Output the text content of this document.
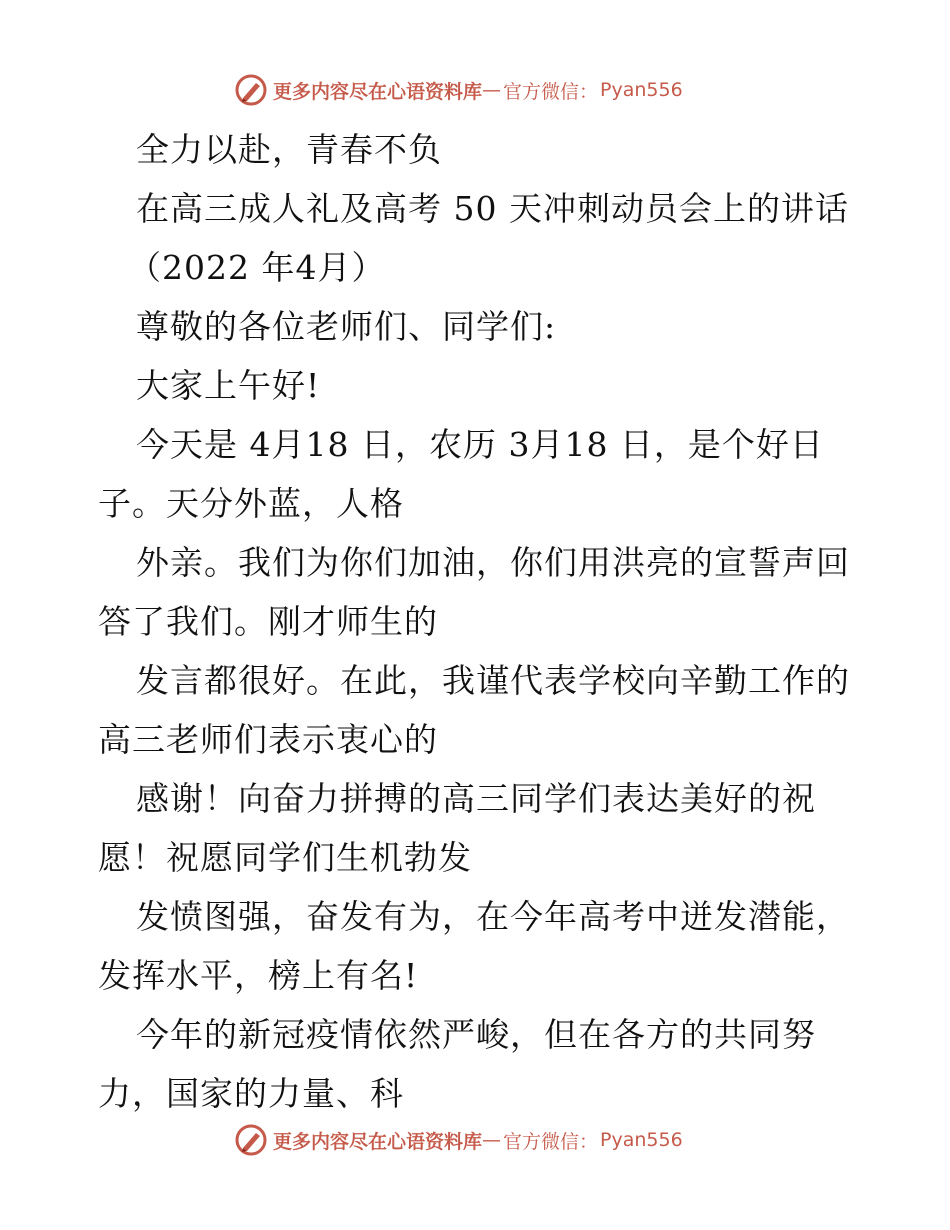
更多内容尽在心语资料库 — 官方微信： Pyan556
全力以赴，青春不负
在高三成人礼及高考 50 天冲刺动员会上的讲话
（2022 年4月）
尊敬的各位老师们、同学们:
大家上午好!
今天是 4月18 日，农历 3月18 日，是个好日
子。天分外蓝，人格
外亲。我们为你们加油，你们用洪亮的宣誓声回
答了我们。刚才师生的
发言都很好。在此，我谨代表学校向辛勤工作的
高三老师们表示衷心的
感谢！向奋力拼搏的高三同学们表达美好的祝
愿！祝愿同学们生机勃发
发愤图强，奋发有为，在今年高考中迸发潜能，
发挥水平，榜上有名!
今年的新冠疫情依然严峻，但在各方的共同努
力，国家的力量、科
更多内容尽在心语资料库 — 官方微信： Pyan556
